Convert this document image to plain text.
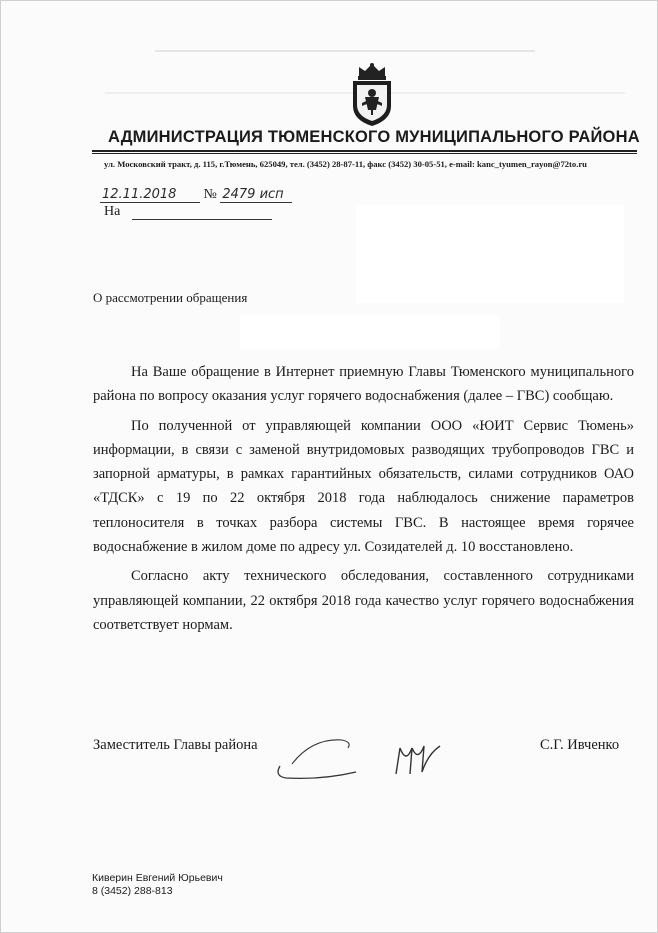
АДМИНИСТРАЦИЯ ТЮМЕНСКОГО МУНИЦИПАЛЬНОГО РАЙОНА
ул. Московский тракт, д. 115, г.Тюмень, 625049, тел. (3452) 28-87-11, факс (3452) 30-05-51, e-mail: kanc_tyumen_rayon@72to.ru
12.11.2018 № 2479 исп
На
О рассмотрении обращения

На Ваше обращение в Интернет приемную Главы Тюменского муниципального района по вопросу оказания услуг горячего водоснабжения (далее – ГВС) сообщаю.

По полученной от управляющей компании ООО «ЮИТ Сервис Тюмень» информации, в связи с заменой внутридомовых разводящих трубопроводов ГВС и запорной арматуры, в рамках гарантийных обязательств, силами сотрудников ОАО «ТДСК» с 19 по 22 октября 2018 года наблюдалось снижение параметров теплоносителя в точках разбора системы ГВС. В настоящее время горячее водоснабжение в жилом доме по адресу ул. Созидателей д. 10 восстановлено.

Согласно акту технического обследования, составленного сотрудниками управляющей компании, 22 октября 2018 года качество услуг горячего водоснабжения соответствует нормам.

Заместитель Главы района	С.Г. Ивченко
Киверин Евгений Юрьевич
8 (3452) 288-813
